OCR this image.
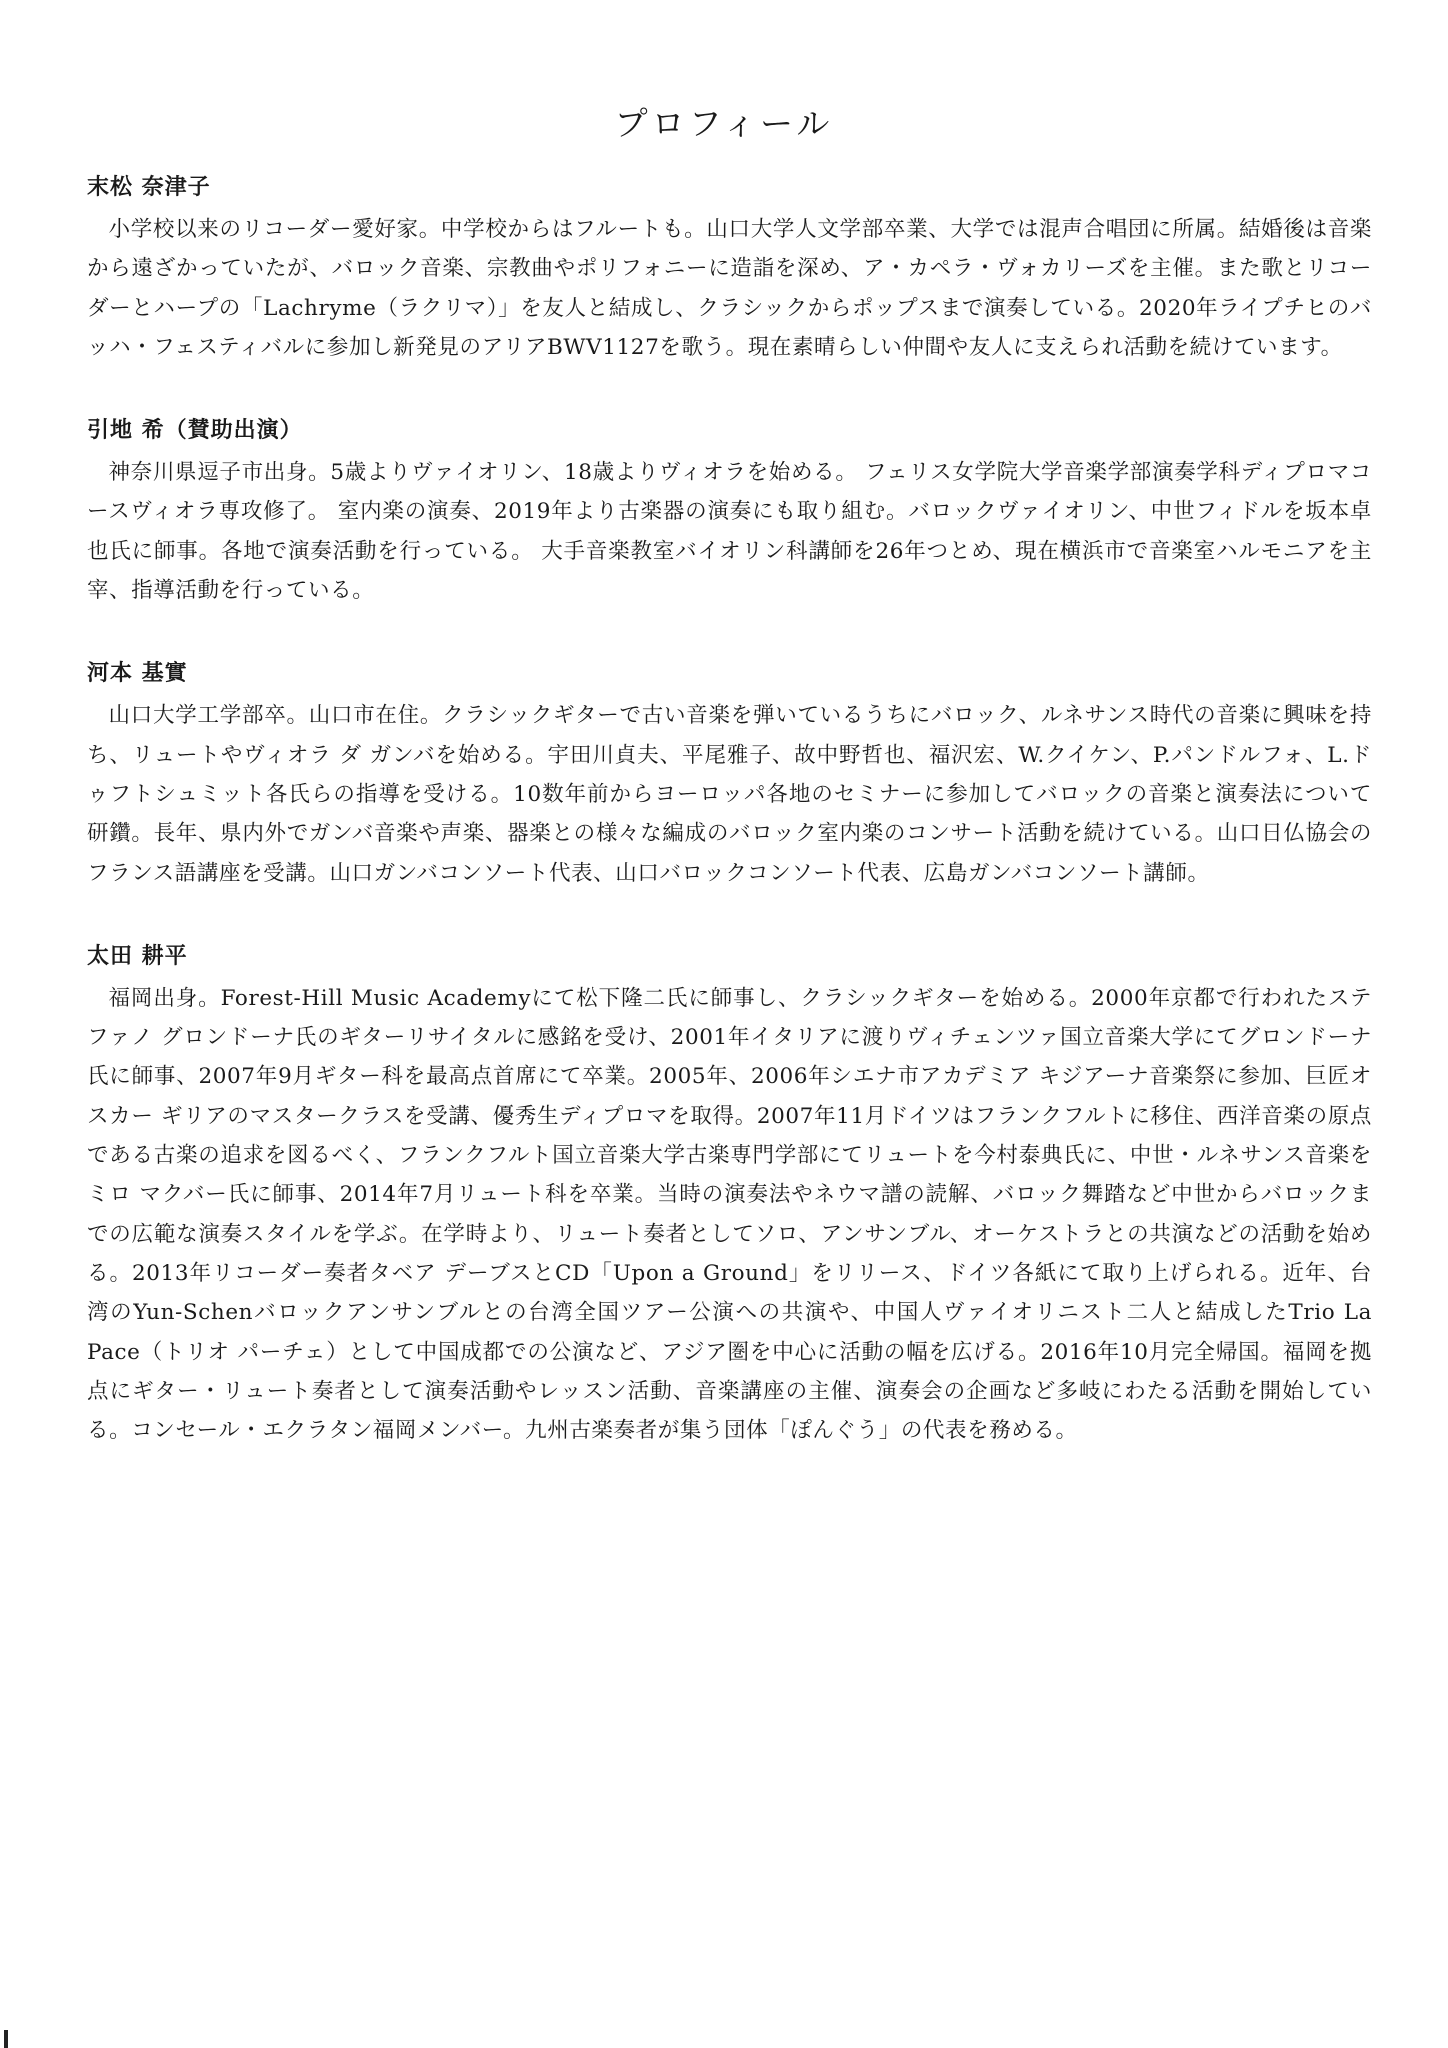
プロフィール
末松 奈津子

小学校以来のリコーダー愛好家。中学校からはフルートも。山口大学人文学部卒業、大学では混声合唱団に所属。結婚後は音楽から遠ざかっていたが、バロック音楽、宗教曲やポリフォニーに造詣を深め、ア・カペラ・ヴォカリーズを主催。また歌とリコーダーとハープの「Lachryme（ラクリマ）」を友人と結成し、クラシックからポップスまで演奏している。2020年ライプチヒのバッハ・フェスティバルに参加し新発見のアリアBWV1127を歌う。現在素晴らしい仲間や友人に支えられ活動を続けています。

引地 希（賛助出演）

神奈川県逗子市出身。5歳よりヴァイオリン、18歳よりヴィオラを始める。 フェリス女学院大学音楽学部演奏学科ディプロマコースヴィオラ専攻修了。 室内楽の演奏、2019年より古楽器の演奏にも取り組む。バロックヴァイオリン、中世フィドルを坂本卓也氏に師事。各地で演奏活動を行っている。 大手音楽教室バイオリン科講師を26年つとめ、現在横浜市で音楽室ハルモニアを主宰、指導活動を行っている。

河本 基實

山口大学工学部卒。山口市在住。クラシックギターで古い音楽を弾いているうちにバロック、ルネサンス時代の音楽に興味を持ち、リュートやヴィオラ ダ ガンバを始める。宇田川貞夫、平尾雅子、故中野哲也、福沢宏、W.クイケン、P.パンドルフォ、L.ドゥフトシュミット各氏らの指導を受ける。10数年前からヨーロッパ各地のセミナーに参加してバロックの音楽と演奏法について研鑽。長年、県内外でガンバ音楽や声楽、器楽との様々な編成のバロック室内楽のコンサート活動を続けている。山口日仏協会のフランス語講座を受講。山口ガンバコンソート代表、山口バロックコンソート代表、広島ガンバコンソート講師。

太田 耕平

福岡出身。Forest-Hill Music Academyにて松下隆二氏に師事し、クラシックギターを始める。2000年京都で行われたステファノ グロンドーナ氏のギターリサイタルに感銘を受け、2001年イタリアに渡りヴィチェンツァ国立音楽大学にてグロンドーナ氏に師事、2007年9月ギター科を最高点首席にて卒業。2005年、2006年シエナ市アカデミア キジアーナ音楽祭に参加、巨匠オスカー ギリアのマスタークラスを受講、優秀生ディプロマを取得。2007年11月ドイツはフランクフルトに移住、西洋音楽の原点である古楽の追求を図るべく、フランクフルト国立音楽大学古楽専門学部にてリュートを今村泰典氏に、中世・ルネサンス音楽をミロ マクバー氏に師事、2014年7月リュート科を卒業。当時の演奏法やネウマ譜の読解、バロック舞踏など中世からバロックまでの広範な演奏スタイルを学ぶ。在学時より、リュート奏者としてソロ、アンサンブル、オーケストラとの共演などの活動を始める。2013年リコーダー奏者タベア デーブスとCD「Upon a Ground」をリリース、ドイツ各紙にて取り上げられる。近年、台湾のYun-Schenバロックアンサンブルとの台湾全国ツアー公演への共演や、中国人ヴァイオリニスト二人と結成したTrio La Pace（トリオ パーチェ）として中国成都での公演など、アジア圏を中心に活動の幅を広げる。2016年10月完全帰国。福岡を拠点にギター・リュート奏者として演奏活動やレッスン活動、音楽講座の主催、演奏会の企画など多岐にわたる活動を開始している。コンセール・エクラタン福岡メンバー。九州古楽奏者が集う団体「ぽんぐう」の代表を務める。
